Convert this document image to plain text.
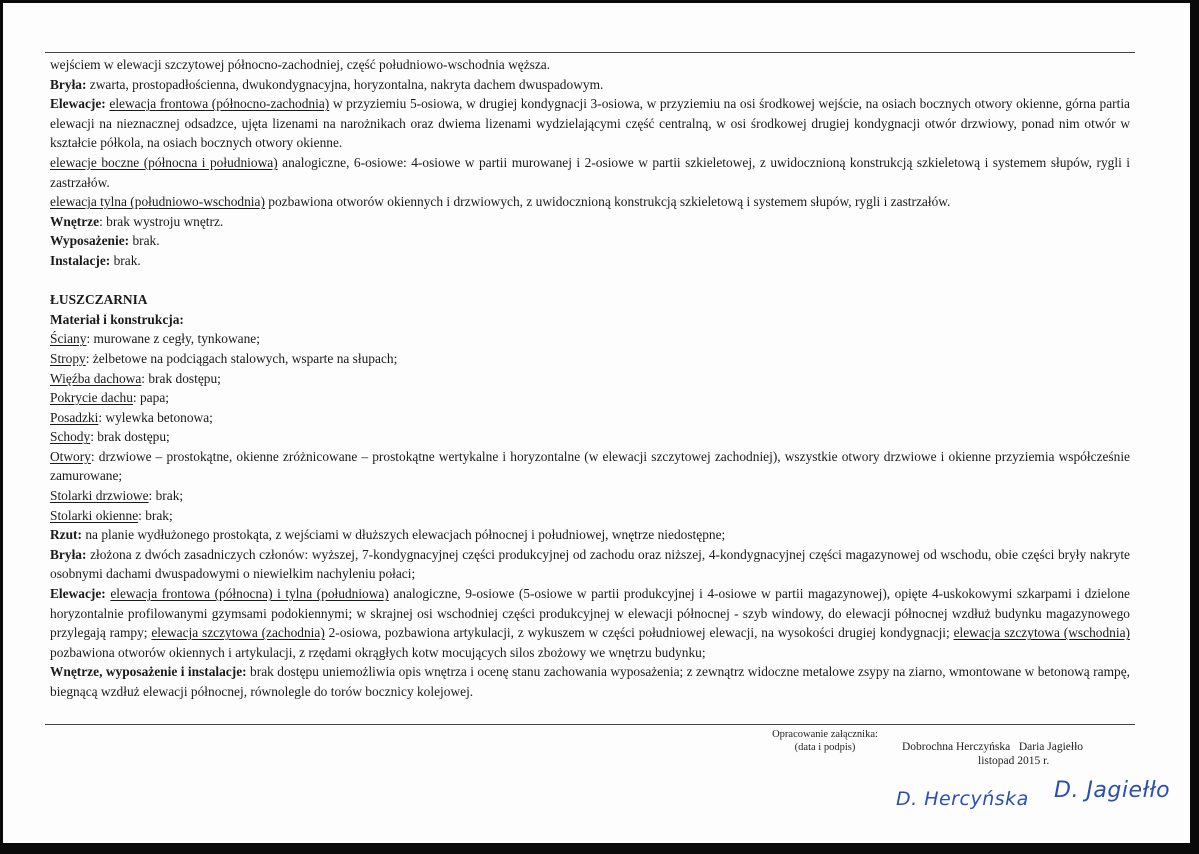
wejściem w elewacji szczytowej północno-zachodniej, część południowo-wschodnia węższa.

Bryła: zwarta, prostopadłościenna, dwukondygnacyjna, horyzontalna, nakryta dachem dwuspadowym.

Elewacje: elewacja frontowa (północno-zachodnia) w przyziemiu 5-osiowa, w drugiej kondygnacji 3-osiowa, w przyziemiu na osi środkowej wejście, na osiach bocznych otwory okienne, górna partia elewacji na nieznacznej odsadzce, ujęta lizenami na narożnikach oraz dwiema lizenami wydzielającymi część centralną, w osi środkowej drugiej kondygnacji otwór drzwiowy, ponad nim otwór w kształcie półkola, na osiach bocznych otwory okienne.

elewacje boczne (północna i południowa) analogiczne, 6-osiowe: 4-osiowe w partii murowanej i 2-osiowe w partii szkieletowej, z uwidocznioną konstrukcją szkieletową i systemem słupów, rygli i zastrzałów.

elewacja tylna (południowo-wschodnia) pozbawiona otworów okiennych i drzwiowych, z uwidocznioną konstrukcją szkieletową i systemem słupów, rygli i zastrzałów.

Wnętrze: brak wystroju wnętrz.

Wyposażenie: brak.

Instalacje: brak.

ŁUSZCZARNIA

Materiał i konstrukcja:

Ściany: murowane z cegły, tynkowane;

Stropy: żelbetowe na podciągach stalowych, wsparte na słupach;

Więźba dachowa: brak dostępu;

Pokrycie dachu: papa;

Posadzki: wylewka betonowa;

Schody: brak dostępu;

Otwory: drzwiowe – prostokątne, okienne zróżnicowane – prostokątne wertykalne i horyzontalne (w elewacji szczytowej zachodniej), wszystkie otwory drzwiowe i okienne przyziemia współcześnie zamurowane;

Stolarki drzwiowe: brak;

Stolarki okienne: brak;

Rzut: na planie wydłużonego prostokąta, z wejściami w dłuższych elewacjach północnej i południowej, wnętrze niedostępne;

Bryła: złożona z dwóch zasadniczych członów: wyższej, 7-kondygnacyjnej części produkcyjnej od zachodu oraz niższej, 4-kondygnacyjnej części magazynowej od wschodu, obie części bryły nakryte osobnymi dachami dwuspadowymi o niewielkim nachyleniu połaci;

Elewacje: elewacja frontowa (północna) i tylna (południowa) analogiczne, 9-osiowe (5-osiowe w partii produkcyjnej i 4-osiowe w partii magazynowej), opięte 4-uskokowymi szkarpami i dzielone horyzontalnie profilowanymi gzymsami podokiennymi; w skrajnej osi wschodniej części produkcyjnej w elewacji północnej - szyb windowy, do elewacji północnej wzdłuż budynku magazynowego przylegają rampy; elewacja szczytowa (zachodnia) 2-osiowa, pozbawiona artykulacji, z wykuszem w części południowej elewacji, na wysokości drugiej kondygnacji; elewacja szczytowa (wschodnia) pozbawiona otworów okiennych i artykulacji, z rzędami okrągłych kotw mocujących silos zbożowy we wnętrzu budynku;

Wnętrze, wyposażenie i instalacje: brak dostępu uniemożliwia opis wnętrza i ocenę stanu zachowania wyposażenia; z zewnątrz widoczne metalowe zsypy na ziarno, wmontowane w betonową rampę, biegnącą wzdłuż elewacji północnej, równolegle do torów bocznicy kolejowej.

Opracowanie załącznika:
(data i podpis)	Dobrochna Herczyńska   Daria Jagiełło
listopad 2015 r.
D. Hercyńska D. Jagiełło
